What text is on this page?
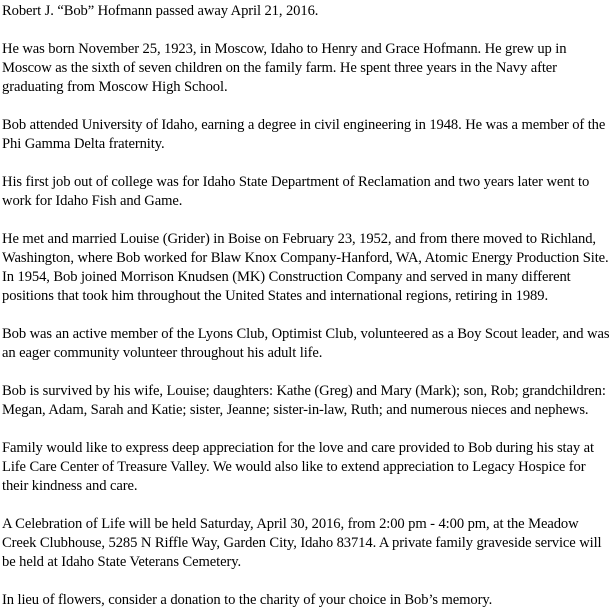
Robert J. “Bob” Hofmann passed away April 21, 2016.

He was born November 25, 1923, in Moscow, Idaho to Henry and Grace Hofmann. He grew up in Moscow as the sixth of seven children on the family farm. He spent three years in the Navy after graduating from Moscow High School.

Bob attended University of Idaho, earning a degree in civil engineering in 1948. He was a member of the Phi Gamma Delta fraternity.

His first job out of college was for Idaho State Department of Reclamation and two years later went to work for Idaho Fish and Game.

He met and married Louise (Grider) in Boise on February 23, 1952, and from there moved to Richland, Washington, where Bob worked for Blaw Knox Company-Hanford, WA, Atomic Energy Production Site. In 1954, Bob joined Morrison Knudsen (MK) Construction Company and served in many different positions that took him throughout the United States and international regions, retiring in 1989.

Bob was an active member of the Lyons Club, Optimist Club, volunteered as a Boy Scout leader, and was an eager community volunteer throughout his adult life.

Bob is survived by his wife, Louise; daughters: Kathe (Greg) and Mary (Mark); son, Rob; grandchildren: Megan, Adam, Sarah and Katie; sister, Jeanne; sister-in-law, Ruth; and numerous nieces and nephews.

Family would like to express deep appreciation for the love and care provided to Bob during his stay at Life Care Center of Treasure Valley. We would also like to extend appreciation to Legacy Hospice for their kindness and care.

A Celebration of Life will be held Saturday, April 30, 2016, from 2:00 pm - 4:00 pm, at the Meadow Creek Clubhouse, 5285 N Riffle Way, Garden City, Idaho 83714. A private family graveside service will be held at Idaho State Veterans Cemetery.

In lieu of flowers, consider a donation to the charity of your choice in Bob’s memory.
